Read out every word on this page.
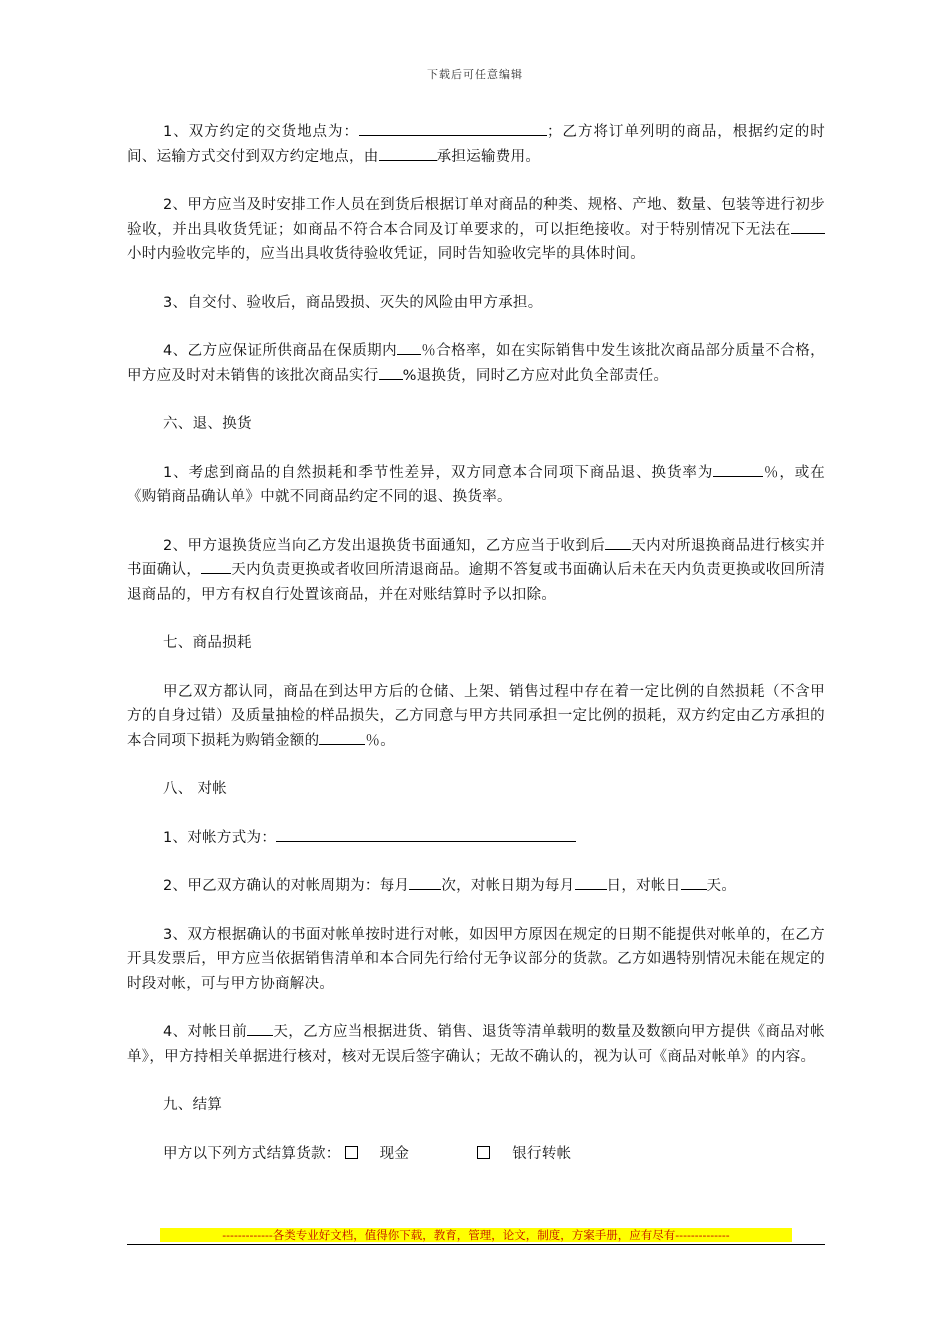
下载后可任意编辑

1、双方约定的交货地点为：	；乙方将订单列明的商品，根据约定的时间、运输方式交付到双方约定地点，由	承担运输费用。

2、甲方应当及时安排工作人员在到货后根据订单对商品的种类、规格、产地、数量、包装等进行初步验收，并出具收货凭证；如商品不符合本合同及订单要求的，可以拒绝接收。对于特别情况下无法在小时内验收完毕的，应当出具收货待验收凭证，同时告知验收完毕的具体时间。

3、自交付、验收后，商品毁损、灭失的风险由甲方承担。

4、乙方应保证所供商品在保质期内 ％合格率，如在实际销售中发生该批次商品部分质量不合格，甲方应及时对未销售的该批次商品实行 %退换货，同时乙方应对此负全部责任。

六、退、换货

1、考虑到商品的自然损耗和季节性差异，双方同意本合同项下商品退、换货率为	％，或在《购销商品确认单》中就不同商品约定不同的退、换货率。

2、甲方退换货应当向乙方发出退换货书面通知，乙方应当于收到后 天内对所退换商品进行核实并书面确认， 天内负责更换或者收回所清退商品。逾期不答复或书面确认后未在天内负责更换或收回所清退商品的，甲方有权自行处置该商品，并在对账结算时予以扣除。

七、商品损耗

甲乙双方都认同，商品在到达甲方后的仓储、上架、销售过程中存在着一定比例的自然损耗（不含甲方的自身过错）及质量抽检的样品损失，乙方同意与甲方共同承担一定比例的损耗，双方约定由乙方承担的本合同项下损耗为购销金额的	％。

八、 对帐

1、对帐方式为：

2、甲乙双方确认的对帐周期为：每月 次，对帐日期为每月 日，对帐日 天。

3、双方根据确认的书面对帐单按时进行对帐，如因甲方原因在规定的日期不能提供对帐单的，在乙方开具发票后，甲方应当依据销售清单和本合同先行给付无争议部分的货款。乙方如遇特别情况未能在规定的时段对帐，可与甲方协商解决。

4、对帐日前 天，乙方应当根据进货、销售、退货等清单载明的数量及数额向甲方提供《商品对帐单》，甲方持相关单据进行核对，核对无误后签字确认；无故不确认的，视为认可《商品对帐单》的内容。

九、结算

甲方以下列方式结算货款：	现金	银行转帐

-------------各类专业好文档，值得你下载，教育，管理，论文，制度，方案手册，应有尽有--------------
